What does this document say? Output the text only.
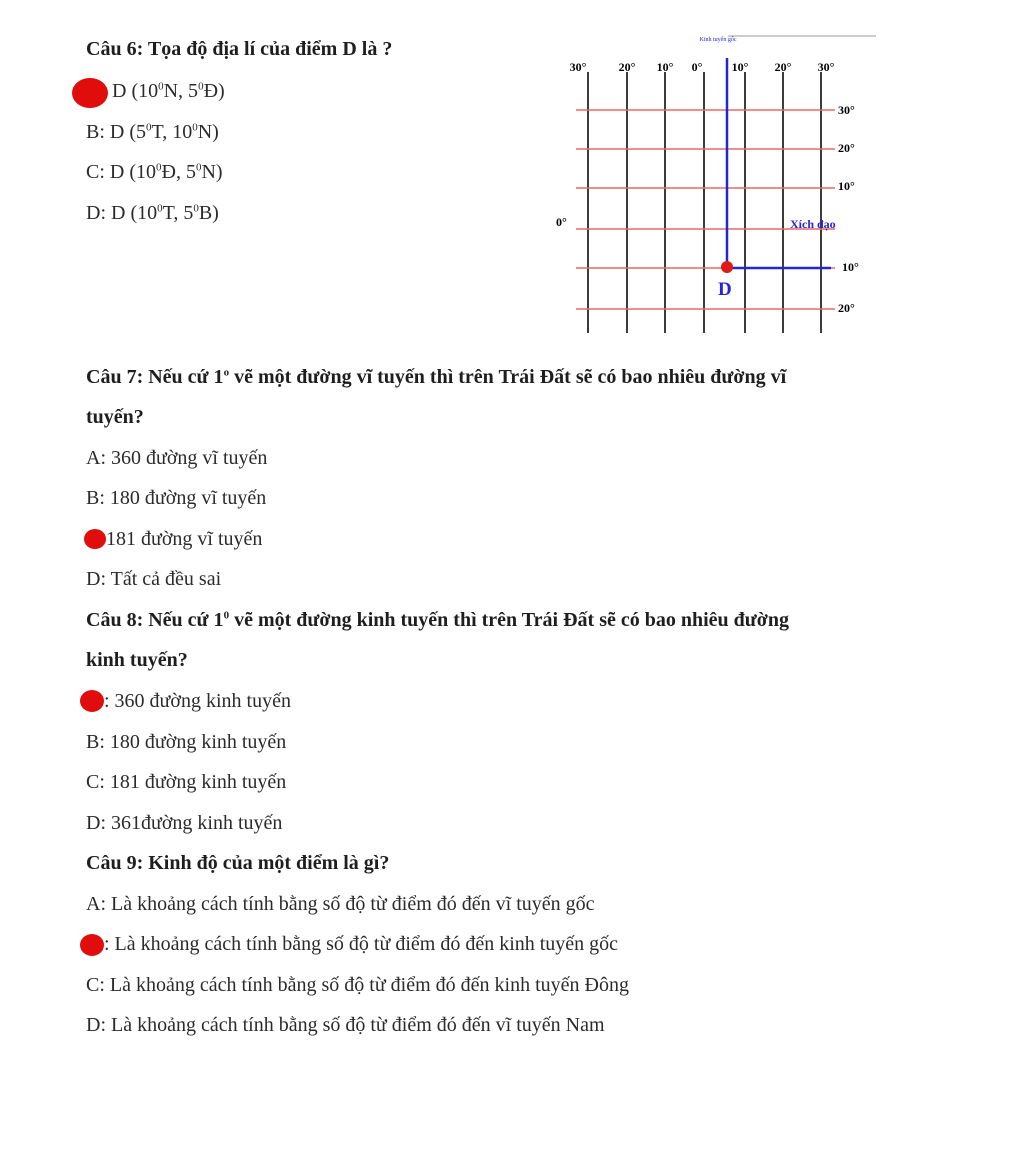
Câu 6: Tọa độ địa lí của điểm D là ?
D ($10^0N$, $5^0Đ$)
B: D ($5^0T$, $10^0N$)
C: D ($10^0Đ$, $5^0N$)
D: D ($10^0T$, $5^0B$)
Kinh tuyến gốc
30°	20° 10° 0° 10° 20° 30°
30°
20°
10°
0°	Xích đạo
10°
20°
D
Câu 7: Nếu cứ 1$^o$ vẽ một đường vĩ tuyến thì trên Trái Đất sẽ có bao nhiêu đường vĩ
tuyến?
A: 360 đường vĩ tuyến
B: 180 đường vĩ tuyến
181 đường vĩ tuyến
D: Tất cả đều sai
Câu 8: Nếu cứ $1^0$ vẽ một đường kinh tuyến thì trên Trái Đất sẽ có bao nhiêu đường
kinh tuyến?
: 360 đường kinh tuyến
B: 180 đường kinh tuyến
C: 181 đường kinh tuyến
D: 361đường kinh tuyến
Câu 9: Kinh độ của một điểm là gì?
A: Là khoảng cách tính bằng số độ từ điểm đó đến vĩ tuyến gốc
: Là khoảng cách tính bằng số độ từ điểm đó đến kinh tuyến gốc
C: Là khoảng cách tính bằng số độ từ điểm đó đến kinh tuyến Đông
D: Là khoảng cách tính bằng số độ từ điểm đó đến vĩ tuyến Nam
